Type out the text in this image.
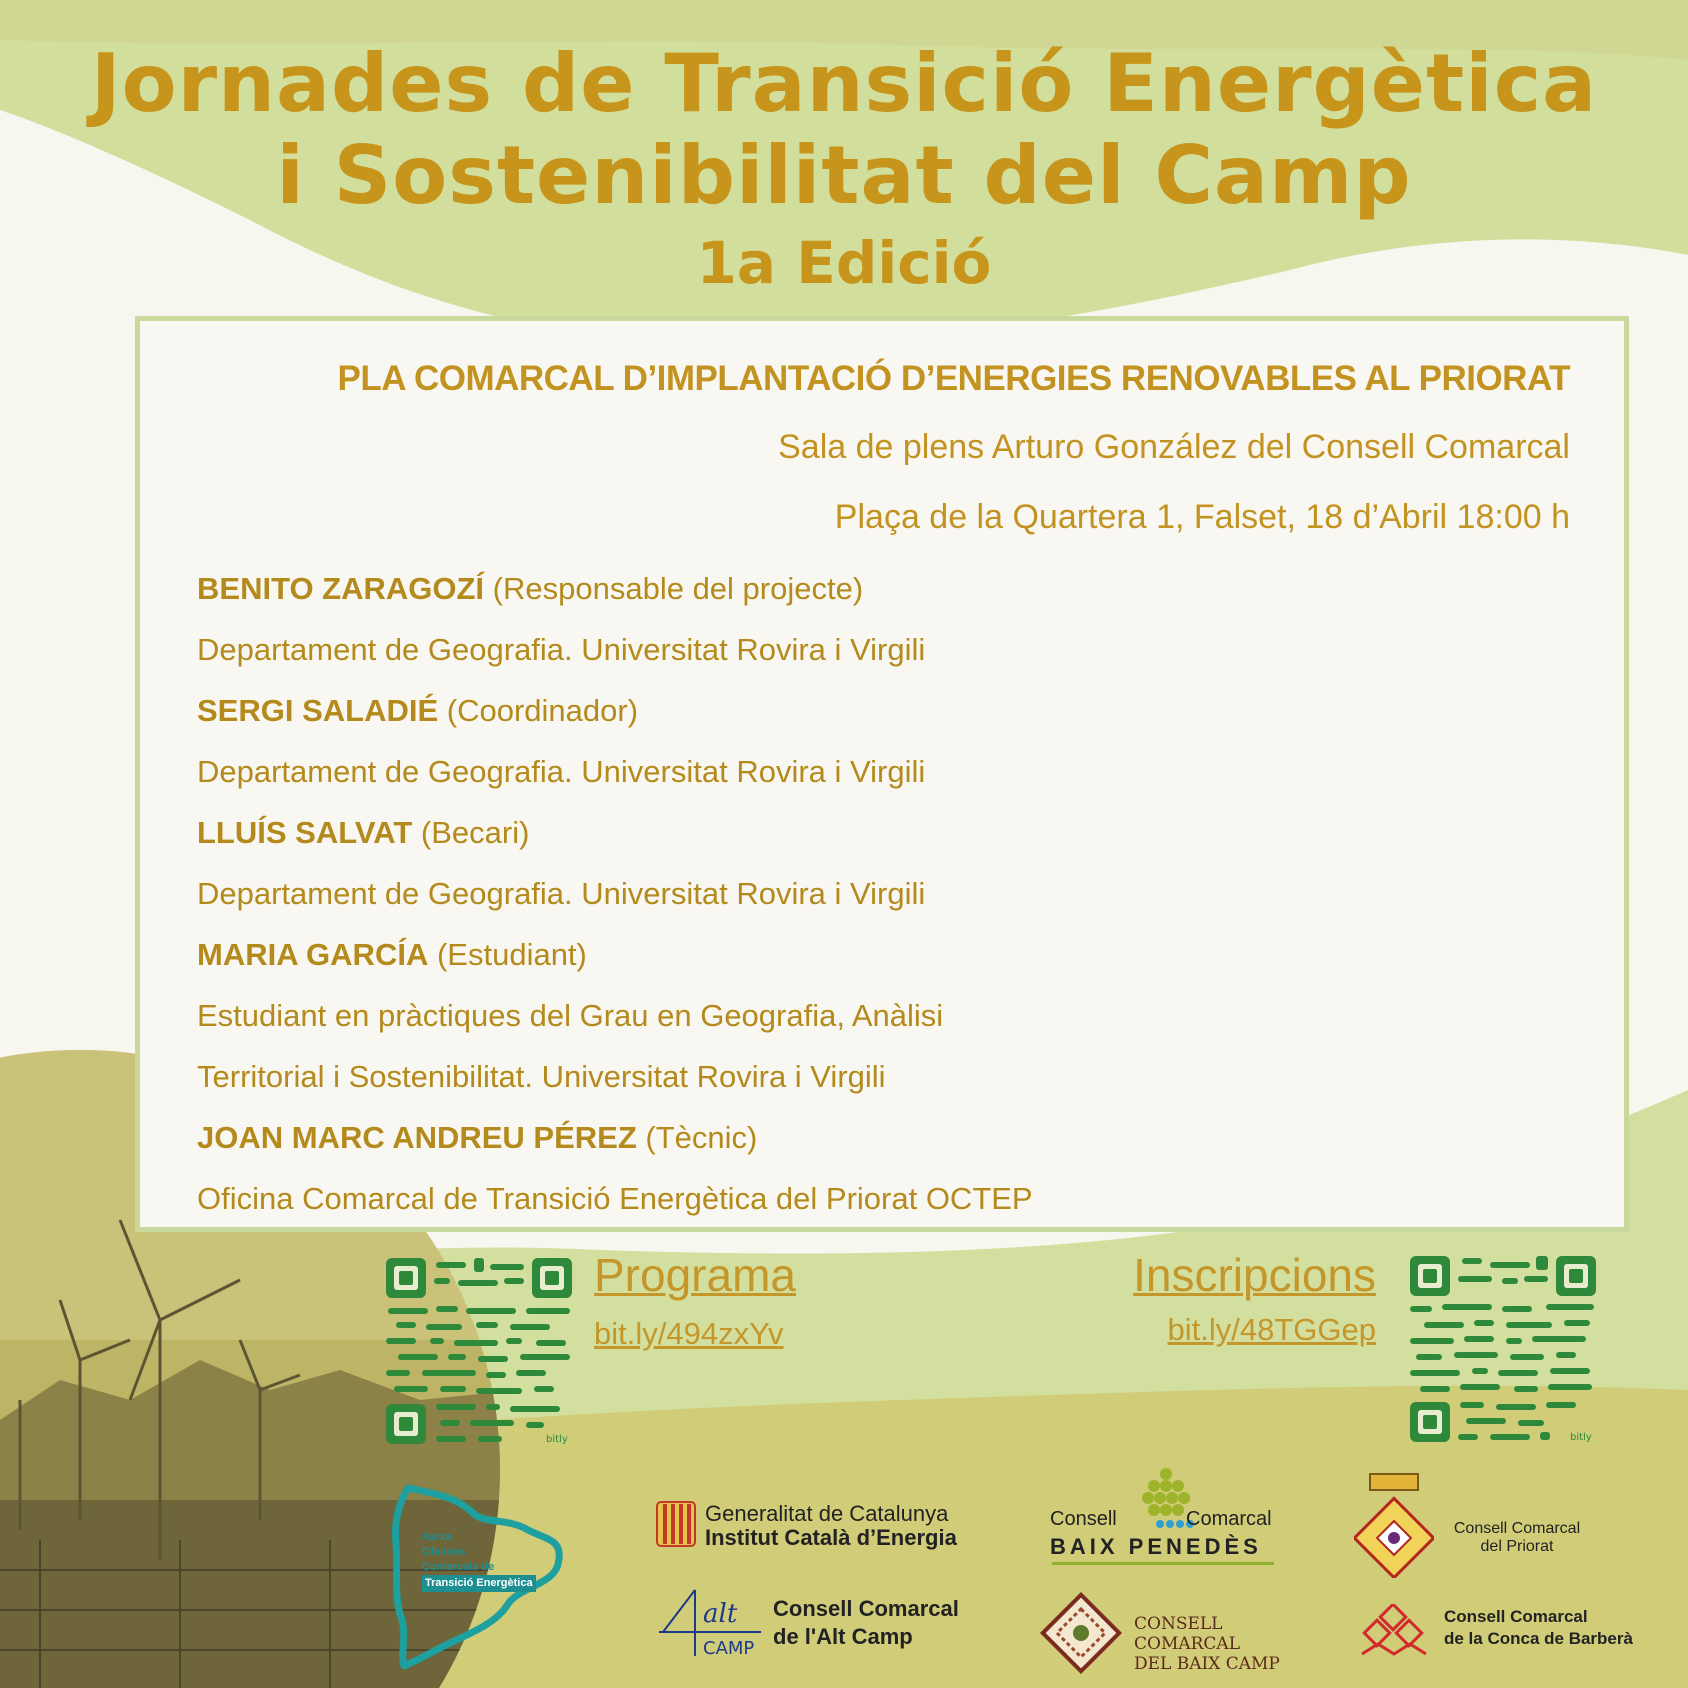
Jornades de Transició Energètica
i Sostenibilitat del Camp
1a Edició
PLA COMARCAL D’IMPLANTACIÓ D’ENERGIES RENOVABLES AL PRIORAT
Sala de plens Arturo González del Consell Comarcal
Plaça de la Quartera 1, Falset, 18 d’Abril 18:00 h
BENITO ZARAGOZÍ (Responsable del projecte)
Departament de Geografia. Universitat Rovira i Virgili
SERGI SALADIÉ (Coordinador)
Departament de Geografia. Universitat Rovira i Virgili
LLUÍS SALVAT (Becari)
Departament de Geografia. Universitat Rovira i Virgili
MARIA GARCÍA (Estudiant)
Estudiant en pràctiques del Grau en Geografia, Anàlisi
Territorial i Sostenibilitat. Universitat Rovira i Virgili
JOAN MARC ANDREU PÉREZ (Tècnic)
Oficina Comarcal de Transició Energètica del Priorat OCTEP
bitly	bitly
Programa
bit.ly/494zxYv
Inscripcions
bit.ly/48TGGep
Xarxa
Oficines
Comarcals de
Transició Energètica
Generalitat de Catalunya
Institut Català d’Energia
alt
CAMP
Consell Comarcal
de l'Alt Camp
Consell	Comarcal
BAIX PENEDÈS
CONSELL COMARCAL
DEL BAIX CAMP
Consell Comarcal
del Priorat
Consell Comarcal
de la Conca de Barberà
